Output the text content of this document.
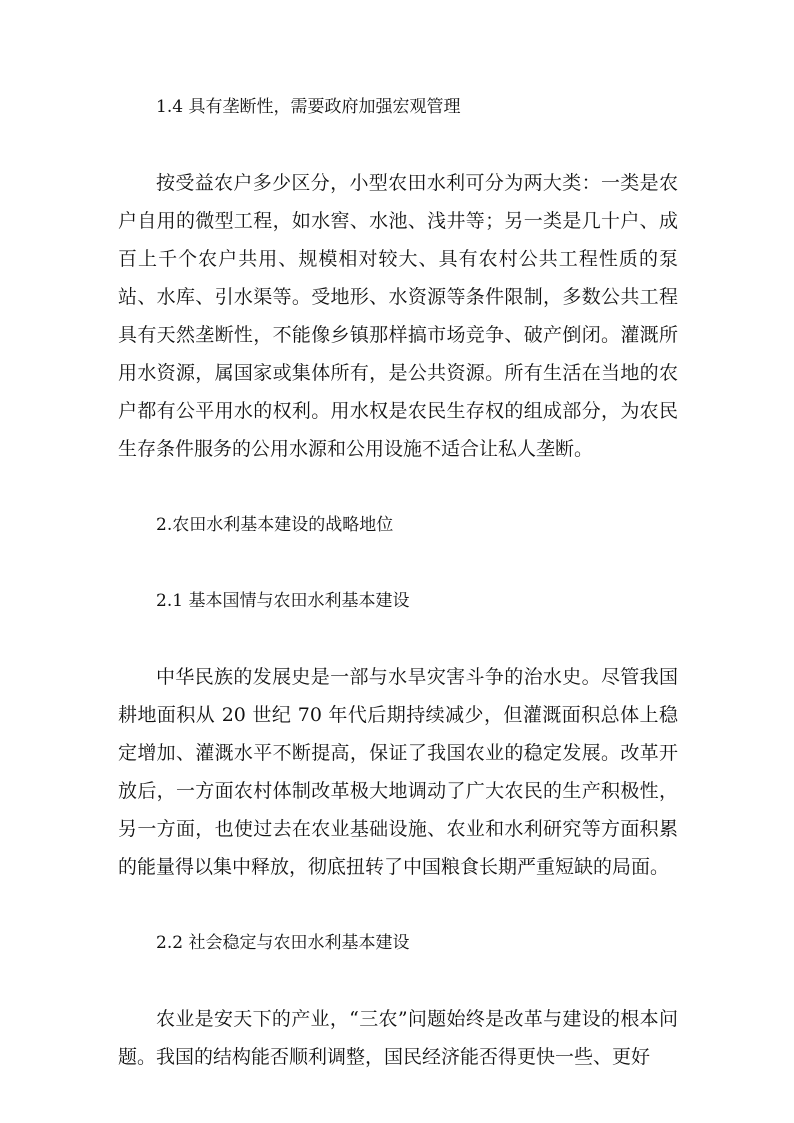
1.4 具有垄断性，需要政府加强宏观管理

按受益农户多少区分，小型农田水利可分为两大类：一类是农户自用的微型工程，如水窖、水池、浅井等；另一类是几十户、成百上千个农户共用、规模相对较大、具有农村公共工程性质的泵站、水库、引水渠等。受地形、水资源等条件限制，多数公共工程具有天然垄断性，不能像乡镇那样搞市场竞争、破产倒闭。灌溉所用水资源，属国家或集体所有，是公共资源。所有生活在当地的农户都有公平用水的权利。用水权是农民生存权的组成部分，为农民生存条件服务的公用水源和公用设施不适合让私人垄断。

2.农田水利基本建设的战略地位

2.1 基本国情与农田水利基本建设

中华民族的发展史是一部与水旱灾害斗争的治水史。尽管我国耕地面积从 20 世纪 70 年代后期持续减少，但灌溉面积总体上稳定增加、灌溉水平不断提高，保证了我国农业的稳定发展。改革开放后，一方面农村体制改革极大地调动了广大农民的生产积极性，另一方面，也使过去在农业基础设施、农业和水利研究等方面积累的能量得以集中释放，彻底扭转了中国粮食长期严重短缺的局面。

2.2 社会稳定与农田水利基本建设

农业是安天下的产业，“三农”问题始终是改革与建设的根本问题。我国的结构能否顺利调整，国民经济能否得更快一些、更好
